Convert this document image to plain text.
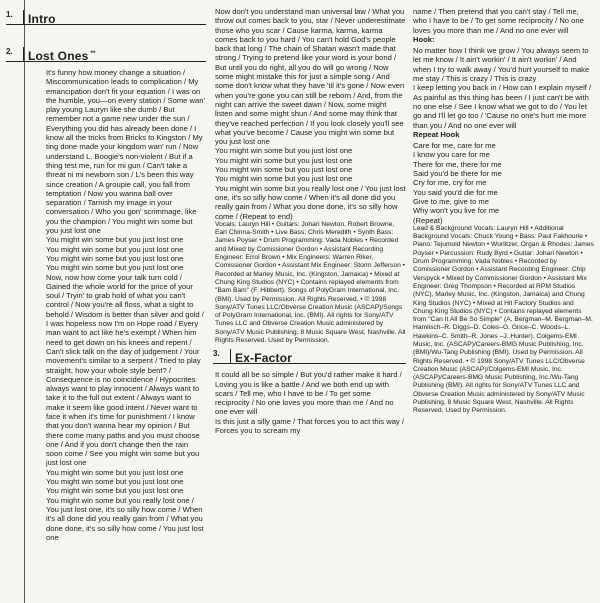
1.	Intro
2.	Lost Ones **

It's funny how money change a situation / Miscommunication leads to complication / My emancipation don't fit your equation / I was on the humble, you—on every station / Some wan' play young Lauryn like she dumb / But remember not a game new under the sun / Everything you did has already been done / I know all the tricks from Bricks to Kingston / My ting done made your kingdom wan' run / Now understand L. Boogie's non-violent / But if a thing test me, run for mi gun / Can't take a threat ni mi newborn son / L's been this way since creation / A groupie call, you fall from temptation / Now you wanna ball over separation / Tarnish my image in your conversation / Who you gon' scrimmage, like you the champion / You might win some but you just lost one

You might win some but you just lost one
You might win some but you just lost one
You might win some but you just lost one
You might win some but you just lost one

Now, now how come your talk turn cold / Gained the whole world for the price of your soul / Tryin' to grab hold of what you can't control / Now you're all floss, what a sight to behold / Wisdom is better than silver and gold / I was hopeless now I'm on Hope road / Every man want to act like he's exempt / When him need to get down on his knees and repent / Can't slick talk on the day of judgement / Your movement's similar to a serpent / Tried to play straight, how your whole style bent? / Consequence is no coincidence / Hypocrites always want to play innocent / Always want to take it to the full out extent / Always want to make it seem like good intent / Never want to face it when it's time for punishment / I know that you don't wanna hear my opinion / But there come many paths and you must choose one / And if you don't change then the rain soon come / See you might win some but you just lost one

You might win some but you just lost one
You might win some but you just lost one
You might win some but you just lost one

You might win some but you really lost one / You just lost one, it's so silly how come / When it's all done did you really gain from / What you done done, it's so silly how come / You just lost one

Now don't you understand man universal law / What you throw out comes back to you, star / Never underestimate those who you scar / Cause karma, karma, karma comes back to you hard / You can't hold God's people back that long / The chain of Shatan wasn't made that strong / Trying to pretend like your word is your bond / But until you do right, all you do will go wrong / Now some might mistake this for just a simple song / And some don't know what they have 'til it's gone / Now even when you're gone you can still be reborn / And, from the night can arrive the sweet dawn / Now, some might listen and some might shun / And some may think that they've reached perfection / If you look closely you'll see what you've become / Cause you might win some but you just lost one

You might win some but you just lost one
You might win some but you just lost one
You might win some but you just lost one
You might win some but you just lost one

You might win some but you really lost one / You just lost one, it's so silly how come / When it's all done did you really gain from / What you done done, it's so silly how come / (Repeat to end)

Vocals: Lauryn Hill • Guitars: Johari Newton, Robert Browne, Earl Chinna-Smith • Live Bass: Chris Meredith • Synth Bass: James Poyser • Drum Programming: Vada Nobles • Recorded and Mixed by Comissioner Gordon • Assistant Recording Engineer: Errol Brown • Mix Engineers: Warren Riker, Comissioner Gordon • Assistant Mix Engineer: Storm Jefferson • Recorded at Marley Music, Inc. (Kingston, Jamaica) • Mixed at Chung King Studios (NYC) • Contains replayed elements from "Bam Bam" (F. Hibbert). Songs of PolyGram International, Inc. (BMI). Used by Permission. All Rights Reserved. • © 1998 Sony/ATV Tunes LLC/Obverse Creation Music (ASCAP)/Songs of PolyGram International, Inc. (BMI). All rights for Sony/ATV Tunes LLC and Obverse Creation Music administered by Sony/ATV Music Publishing, 8 Music Square West, Nashville. All Rights Reserved. Used by Permission.

3.	Ex-Factor

It could all be so simple / But you'd rather make it hard / Loving you is like a battle / And we both end up with scars / Tell me, who I have to be / To get some reciprocity / No one loves you more than me / And no one ever will

Is this just a silly game / That forces you to act this way / Forces you to scream my

name / Then pretend that you can't stay / Tell me, who I have to be / To get some reciprocity / No one loves you more than me / And no one ever will

Hook:

No matter how I think we grow / You always seem to let me know / It ain't workin' / It ain't workin' / And when I try to walk away / You'd hurt yourself to make me stay / This is crazy / This is crazy

I keep letting you back in / How can I explain myself / As painful as this thing has been / I just can't be with no one else / See I know what we got to do / You let go and I'll let go too / 'Cause no one's hurt me more than you / And no one ever will

Repeat Hook

Care for me, care for me
I know you care for me

There for me, there for me
Said you'd be there for me

Cry for me, cry for me
You said you'd die for me

Give to me, give to me
Why won't you live for me
(Repeat)

Lead & Background Vocals: Lauryn Hill • Additional Background Vocals: Chuck Young • Bass: Paul Fakhourie • Piano: Tejumold Newton • Wurlitzer, Organ & Rhodes: James Poyser • Percussion: Rudy Byrd • Guitar: Johari Newton • Drum Programming: Vada Nobles • Recorded by Comissioner Gordon • Assistant Recording Engineer: Chip Verspyck • Mixed by Commissioner Gordon • Assistant Mix Engineer: Greg Thompson • Recorded at RPM Studios (NYC), Marley Music, Inc. (Kingston, Jamaica) and Chung King Studios (NYC) • Mixed at Hit Factory Studios and Chung King Studios (NYC) • Contains replayed elements from "Can It All Be So Simple" (A. Bergman–M. Bergman–M. Hamlisch–R. Diggs–D. Coles–G. Grice–C. Woods–L. Hawkins–C. Smith–R. Jones –J. Hunter). Colgems-EMI Music, Inc. (ASCAP)/Careers-BMG Music Publishing, Inc. (BMI)/Wu-Tang Publishing (BMI). Used by Permission. All Rights Reserved. • © 1998 Sony/ATV Tunes LLC/Obverse Creation Music (ASCAP)/Colgems-EMI Music, Inc. (ASCAP)/Careers-BMG Music Publishing, Inc./Wu-Tang Publishing (BMI). All rights for Sony/ATV Tunes LLC and Obverse Creation Music administered by Sony/ATV Music Publishing, 8 Music Square West, Nashville. All Rights Reserved. Used by Permission.
